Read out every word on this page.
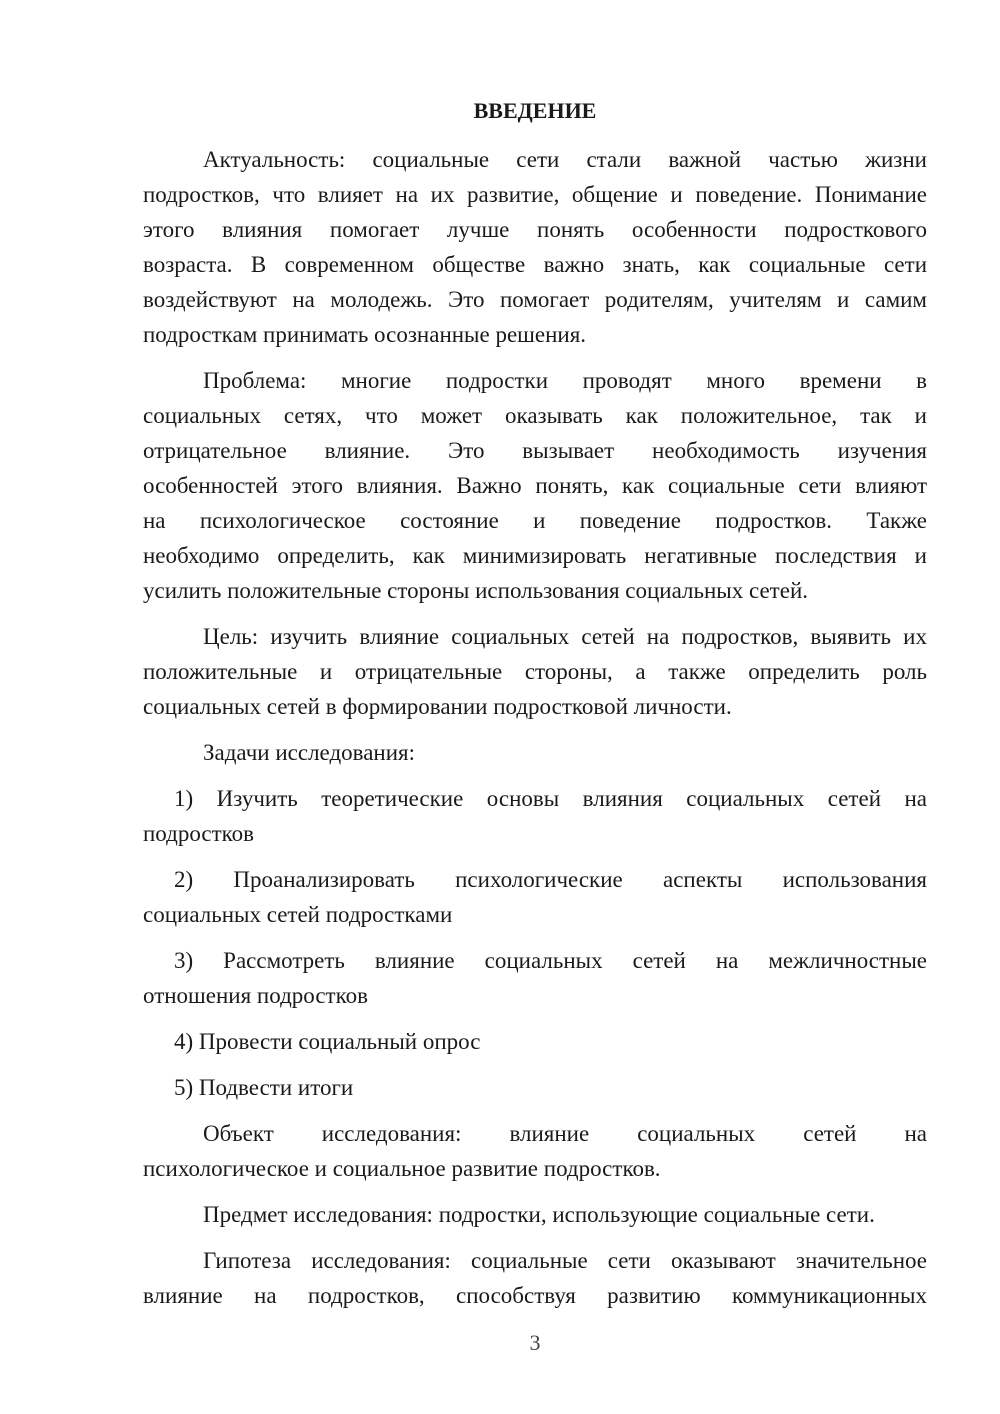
ВВЕДЕНИЕ
Актуальность: социальные сети стали важной частью жизни
подростков, что влияет на их развитие, общение и поведение. Понимание
этого влияния помогает лучше понять особенности подросткового
возраста. В современном обществе важно знать, как социальные сети
воздействуют на молодежь. Это помогает родителям, учителям и самим
подросткам принимать осознанные решения.
Проблема: многие подростки проводят много времени в
социальных сетях, что может оказывать как положительное, так и
отрицательное влияние. Это вызывает необходимость изучения
особенностей этого влияния. Важно понять, как социальные сети влияют
на психологическое состояние и поведение подростков. Также
необходимо определить, как минимизировать негативные последствия и
усилить положительные стороны использования социальных сетей.
Цель: изучить влияние социальных сетей на подростков, выявить их
положительные и отрицательные стороны, а также определить роль
социальных сетей в формировании подростковой личности.
Задачи исследования:
1) Изучить теоретические основы влияния социальных сетей на
подростков
2) Проанализировать психологические аспекты использования
социальных сетей подростками
3) Рассмотреть влияние социальных сетей на межличностные
отношения подростков
4) Провести социальный опрос
5) Подвести итоги
Объект исследования: влияние социальных сетей на
психологическое и социальное развитие подростков.
Предмет исследования: подростки, использующие социальные сети.
Гипотеза исследования: социальные сети оказывают значительное
влияние на подростков, способствуя развитию коммуникационных
3
